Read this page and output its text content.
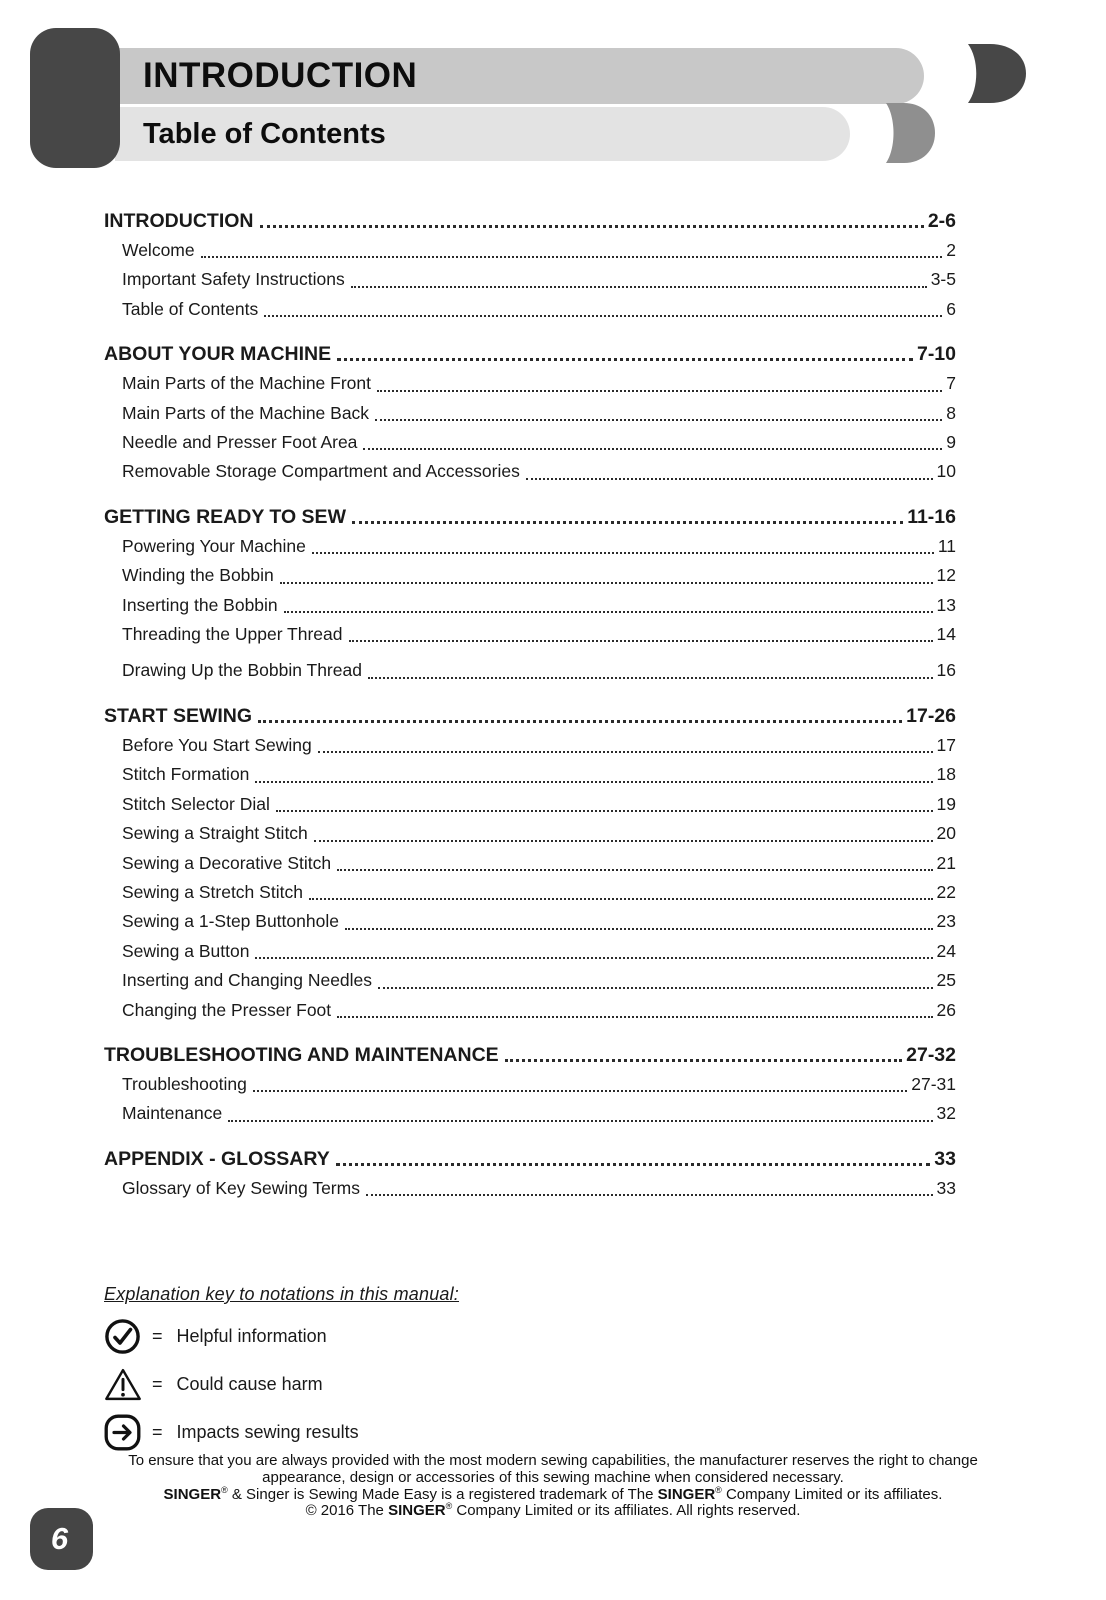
INTRODUCTION
Table of Contents
INTRODUCTION	2-6
Welcome	2
Important Safety Instructions	3-5
Table of Contents	6
ABOUT YOUR MACHINE	7-10
Main Parts of the Machine Front	7
Main Parts of the Machine Back	8
Needle and Presser Foot Area	9
Removable Storage Compartment and Accessories	10
GETTING READY TO SEW	11-16
Powering Your Machine	11
Winding the Bobbin	12
Inserting the Bobbin	13
Threading the Upper Thread	14
Drawing Up the Bobbin Thread	16
START SEWING	17-26
Before You Start Sewing	17
Stitch Formation	18
Stitch Selector Dial	19
Sewing a Straight Stitch	20
Sewing a Decorative Stitch	21
Sewing a Stretch Stitch	22
Sewing a 1-Step Buttonhole	23
Sewing a Button	24
Inserting and Changing Needles	25
Changing the Presser Foot	26
TROUBLESHOOTING AND MAINTENANCE	27-32
Troubleshooting	27-31
Maintenance	32
APPENDIX - GLOSSARY	33
Glossary of Key Sewing Terms	33
Explanation key to notations in this manual:
= Helpful information
= Could cause harm
= Impacts sewing results

To ensure that you are always provided with the most modern sewing capabilities, the manufacturer reserves the right to change

appearance, design or accessories of this sewing machine when considered necessary.

SINGER® & Singer is Sewing Made Easy is a registered trademark of The SINGER® Company Limited or its affiliates.

© 2016 The SINGER® Company Limited or its affiliates. All rights reserved.

6
